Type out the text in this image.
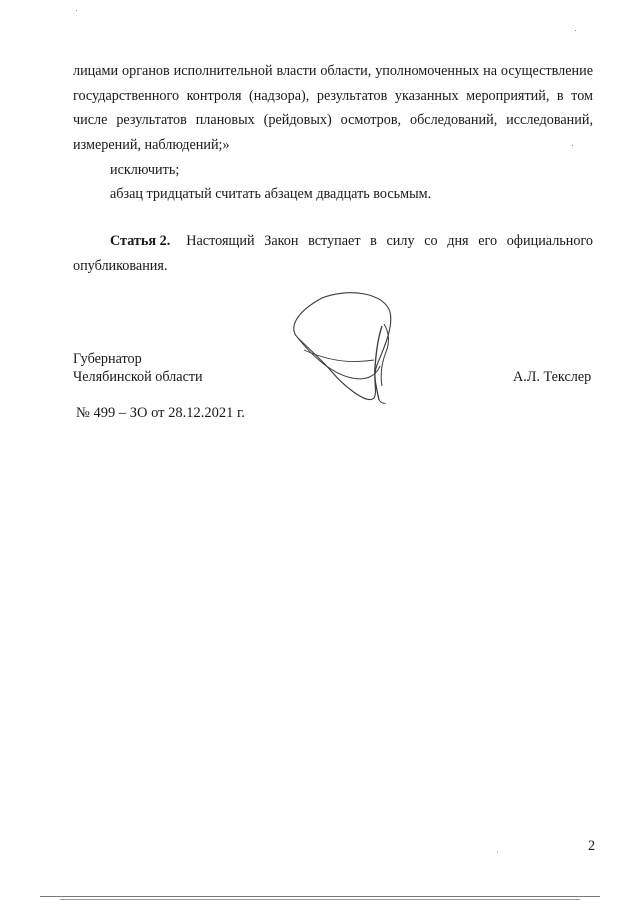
лицами органов исполнительной власти области, уполномоченных на осуществление государственного контроля (надзора), результатов указанных мероприятий, в том числе результатов плановых (рейдовых) осмотров, обследований, исследований, измерений, наблюдений;»
исключить;
абзац тридцатый считать абзацем двадцать восьмым.
Статья 2. Настоящий Закон вступает в силу со дня его официального
опубликования.
Губернатор
Челябинской области	А.Л. Текслер
№ 499 – ЗО от 28.12.2021 г.
2
